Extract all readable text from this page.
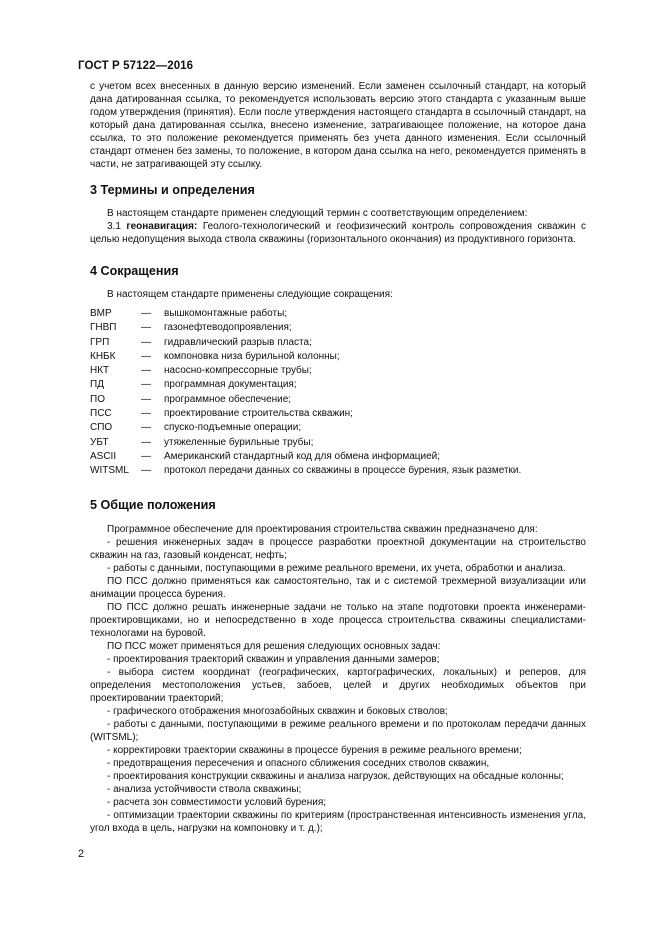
ГОСТ Р 57122—2016

с учетом всех внесенных в данную версию изменений. Если заменен ссылочный стандарт, на который дана датированная ссылка, то рекомендуется использовать версию этого стандарта с указанным выше годом утверждения (принятия). Если после утверждения настоящего стандарта в ссылочный стандарт, на который дана датированная ссылка, внесено изменение, затрагивающее положение, на которое дана ссылка, то это положение рекомендуется применять без учета данного изменения. Если ссылочный стандарт отменен без замены, то положение, в котором дана ссылка на него, рекомендуется применять в части, не затрагивающей эту ссылку.

3 Термины и определения

В настоящем стандарте применен следующий термин с соответствующим определением:

3.1 геонавигация: Геолого-технологический и геофизический контроль сопровождения скважин с целью недопущения выхода ствола скважины (горизонтального окончания) из продуктивного горизонта.

4 Сокращения

В настоящем стандарте применены следующие сокращения:

ВМР	—	вышкомонтажные работы;
ГНВП	—	газонефтеводопроявления;
ГРП	—	гидравлический разрыв пласта;
КНБК	—	компоновка низа бурильной колонны;
НКТ	—	насосно-компрессорные трубы;
ПД	—	программная документация;
ПО	—	программное обеспечение;
ПСС	—	проектирование строительства скважин;
СПО	—	спуско-подъемные операции;
УБТ	—	утяжеленные бурильные трубы;
ASCII	—	Американский стандартный код для обмена информацией;
WITSML	—	протокол передачи данных со скважины в процессе бурения, язык разметки.
5 Общие положения

Программное обеспечение для проектирования строительства скважин предназначено для:

- решения инженерных задач в процессе разработки проектной документации на строительство скважин на газ, газовый конденсат, нефть;

- работы с данными, поступающими в режиме реального времени, их учета, обработки и анализа.

ПО ПСС должно применяться как самостоятельно, так и с системой трехмерной визуализации или анимации процесса бурения.

ПО ПСС должно решать инженерные задачи не только на этапе подготовки проекта инженерами-проектировщиками, но и непосредственно в ходе процесса строительства скважины специалистами-технологами на буровой.

ПО ПСС может применяться для решения следующих основных задач:

- проектирования траекторий скважин и управления данными замеров;

- выбора систем координат (географических, картографических, локальных) и реперов, для определения местоположения устьев, забоев, целей и других необходимых объектов при проектировании траекторий;

- графического отображения многозабойных скважин и боковых стволов;

- работы с данными, поступающими в режиме реального времени и по протоколам передачи данных (WITSML);

- корректировки траектории скважины в процессе бурения в режиме реального времени;

- предотвращения пересечения и опасного сближения соседних стволов скважин,

- проектирования конструкции скважины и анализа нагрузок, действующих на обсадные колонны;

- анализа устойчивости ствола скважины;

- расчета зон совместимости условий бурения;

- оптимизации траектории скважины по критериям (пространственная интенсивность изменения угла, угол входа в цель, нагрузки на компоновку и т. д.);

2
